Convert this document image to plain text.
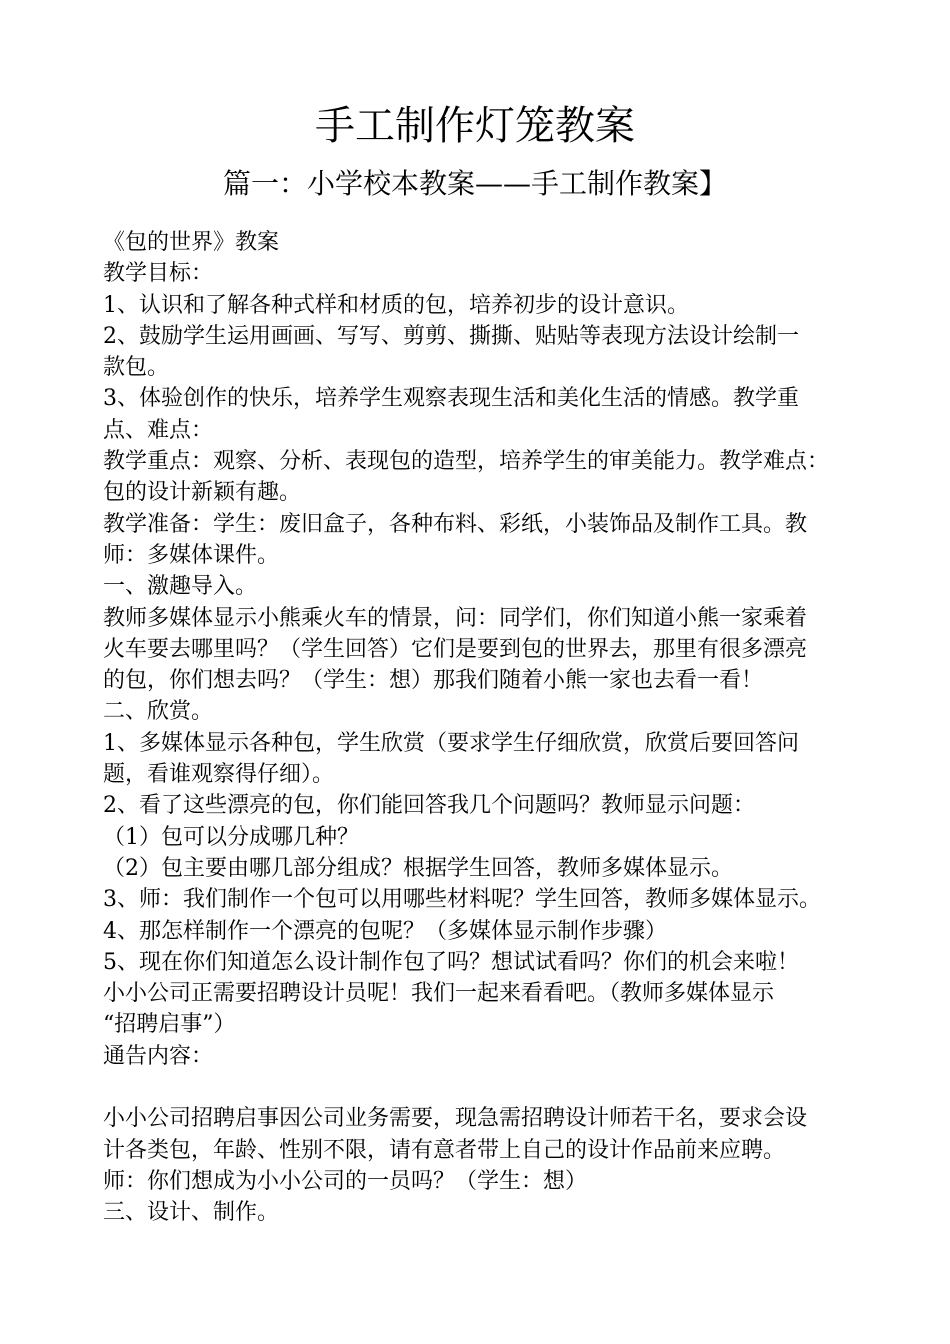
手工制作灯笼教案
篇一：小学校本教案——手工制作教案】
《包的世界》教案
教学目标：
1、认识和了解各种式样和材质的包，培养初步的设计意识。
2、鼓励学生运用画画、写写、剪剪、撕撕、贴贴等表现方法设计绘制一
款包。
3、体验创作的快乐，培养学生观察表现生活和美化生活的情感。教学重
点、难点：
教学重点：观察、分析、表现包的造型，培养学生的审美能力。教学难点：
包的设计新颖有趣。
教学准备：学生：废旧盒子，各种布料、彩纸，小装饰品及制作工具。教
师：多媒体课件。
一、激趣导入。
教师多媒体显示小熊乘火车的情景，问：同学们，你们知道小熊一家乘着
火车要去哪里吗？（学生回答）它们是要到包的世界去，那里有很多漂亮
的包，你们想去吗？（学生：想）那我们随着小熊一家也去看一看！
二、欣赏。
1、多媒体显示各种包，学生欣赏（要求学生仔细欣赏，欣赏后要回答问
题，看谁观察得仔细）。
2、看了这些漂亮的包，你们能回答我几个问题吗？教师显示问题：
（1）包可以分成哪几种？
（2）包主要由哪几部分组成？根据学生回答，教师多媒体显示。
3、师：我们制作一个包可以用哪些材料呢？学生回答，教师多媒体显示。
4、那怎样制作一个漂亮的包呢？（多媒体显示制作步骤）
5、现在你们知道怎么设计制作包了吗？想试试看吗？你们的机会来啦！
小小公司正需要招聘设计员呢！我们一起来看看吧。（教师多媒体显示
“招聘启事”）
通告内容：
小小公司招聘启事因公司业务需要，现急需招聘设计师若干名，要求会设
计各类包，年龄、性别不限，请有意者带上自己的设计作品前来应聘。
师：你们想成为小小公司的一员吗？（学生：想）
三、设计、制作。
